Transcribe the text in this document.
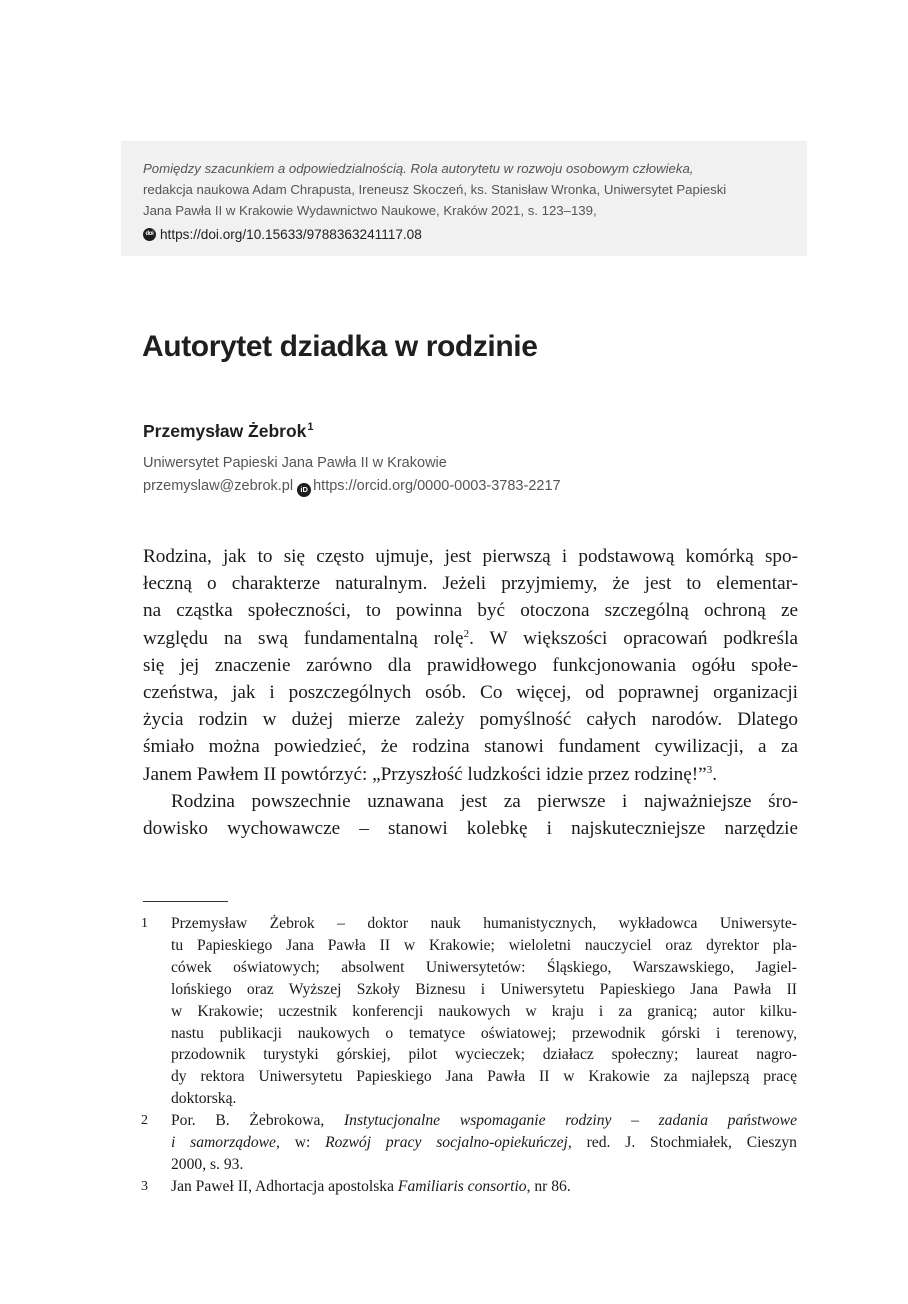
Pomiędzy szacunkiem a odpowiedzialnością. Rola autorytetu w rozwoju osobowym człowieka,
redakcja naukowa Adam Chrapusta, Ireneusz Skoczeń, ks. Stanisław Wronka, Uniwersytet Papieski
Jana Pawła II w Krakowie Wydawnictwo Naukowe, Kraków 2021, s. 123–139,
doi https://doi.org/10.15633/9788363241117.08
Autorytet dziadka w rodzinie
Przemysław Żebrok$^1$
Uniwersytet Papieski Jana Pawła II w Krakowie
przemyslaw@zebrok.pl iD https://orcid.org/0000-0003-3783-2217
Rodzina, jak to się często ujmuje, jest pierwszą i podstawową komórką spo-
łeczną o charakterze naturalnym. Jeżeli przyjmiemy, że jest to elementar-
na cząstka społeczności, to powinna być otoczona szczególną ochroną ze
względu na swą fundamentalną rolę$^2$. W większości opracowań podkreśla
się jej znaczenie zarówno dla prawidłowego funkcjonowania ogółu społe-
czeństwa, jak i poszczególnych osób. Co więcej, od poprawnej organizacji
życia rodzin w dużej mierze zależy pomyślność całych narodów. Dlatego
śmiało można powiedzieć, że rodzina stanowi fundament cywilizacji, a za
Janem Pawłem II powtórzyć: „Przyszłość ludzkości idzie przez rodzinę!”$^3$.
Rodzina powszechnie uznawana jest za pierwsze i najważniejsze śro-
dowisko wychowawcze – stanowi kolebkę i najskuteczniejsze narzędzie
1 Przemysław Żebrok – doktor nauk humanistycznych, wykładowca Uniwersyte-
tu Papieskiego Jana Pawła II w Krakowie; wieloletni nauczyciel oraz dyrektor pla-
cówek oświatowych; absolwent Uniwersytetów: Śląskiego, Warszawskiego, Jagiel-
lońskiego oraz Wyższej Szkoły Biznesu i Uniwersytetu Papieskiego Jana Pawła II
w Krakowie; uczestnik konferencji naukowych w kraju i za granicą; autor kilku-
nastu publikacji naukowych o tematyce oświatowej; przewodnik górski i terenowy,
przodownik turystyki górskiej, pilot wycieczek; działacz społeczny; laureat nagro-
dy rektora Uniwersytetu Papieskiego Jana Pawła II w Krakowie za najlepszą pracę
doktorską.
2 Por. B. Żebrokowa, Instytucjonalne wspomaganie rodziny – zadania państwowe
i samorządowe, w: Rozwój pracy socjalno-opiekuńczej, red. J. Stochmiałek, Cieszyn
2000, s. 93.
3 Jan Paweł II, Adhortacja apostolska Familiaris consortio, nr 86.
